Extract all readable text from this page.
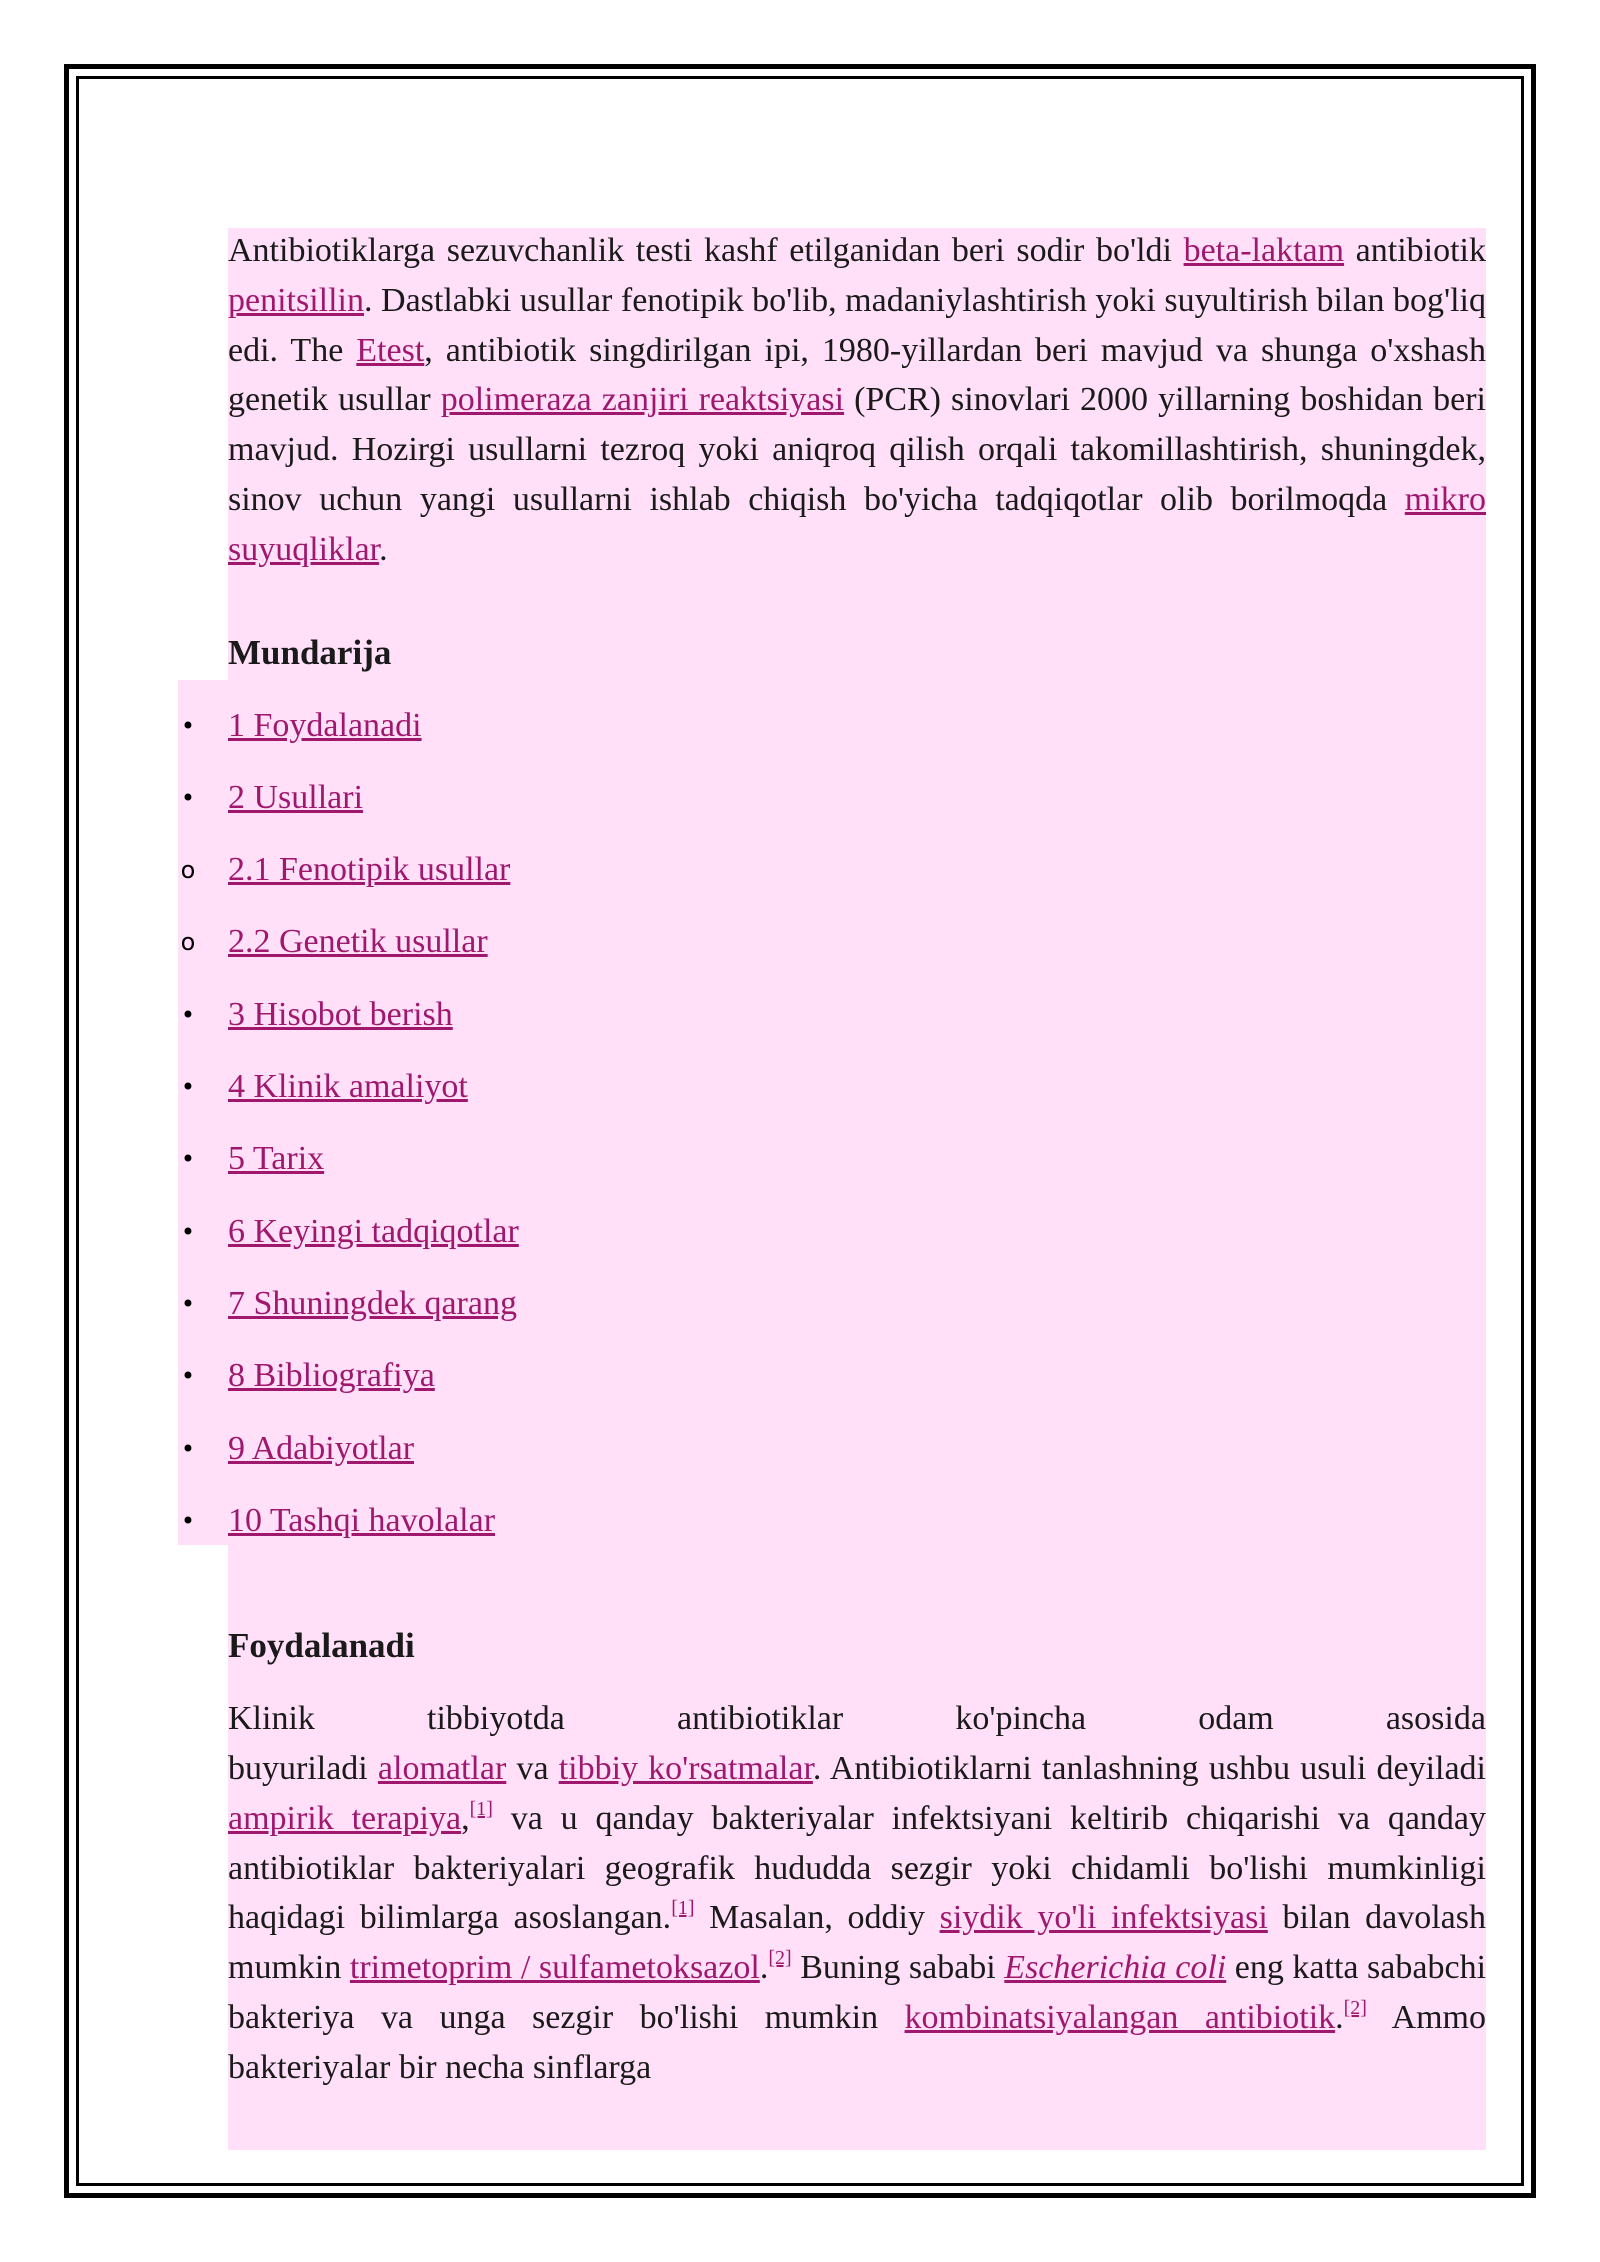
Antibiotiklarga sezuvchanlik testi kashf etilganidan beri sodir bo'ldi beta-laktam antibiotik penitsillin. Dastlabki usullar fenotipik bo'lib, madaniylashtirish yoki suyultirish bilan bog'liq edi. The Etest, antibiotik singdirilgan ipi, 1980-yillardan beri mavjud va shunga o'xshash genetik usullar polimeraza zanjiri reaktsiyasi (PCR) sinovlari 2000 yillarning boshidan beri mavjud. Hozirgi usullarni tezroq yoki aniqroq qilish orqali takomillashtirish, shuningdek, sinov uchun yangi usullarni ishlab chiqish bo'yicha tadqiqotlar olib borilmoqda mikro suyuqliklar.

Mundarija
• 1 Foydalanadi
• 2 Usullari
o 2.1 Fenotipik usullar
o 2.2 Genetik usullar
• 3 Hisobot berish
• 4 Klinik amaliyot
• 5 Tarix
• 6 Keyingi tadqiqotlar
• 7 Shuningdek qarang
• 8 Bibliografiya
• 9 Adabiyotlar
• 10 Tashqi havolalar
Foydalanadi
Klinik	tibbiyotda	antibiotiklar	ko'pincha	odam	asosida

buyuriladi alomatlar va tibbiy ko'rsatmalar. Antibiotiklarni tanlashning ushbu usuli deyiladi ampirik terapiya,[1] va u qanday bakteriyalar infektsiyani keltirib chiqarishi va qanday antibiotiklar bakteriyalari geografik hududda sezgir yoki chidamli bo'lishi mumkinligi haqidagi bilimlarga asoslangan.[1] Masalan, oddiy siydik yo'li infektsiyasi bilan davolash mumkin trimetoprim / sulfametoksazol.[2] Buning sababi Escherichia coli eng katta sababchi bakteriya va unga sezgir bo'lishi mumkin kombinatsiyalangan antibiotik.[2] Ammo bakteriyalar bir necha sinflarga
